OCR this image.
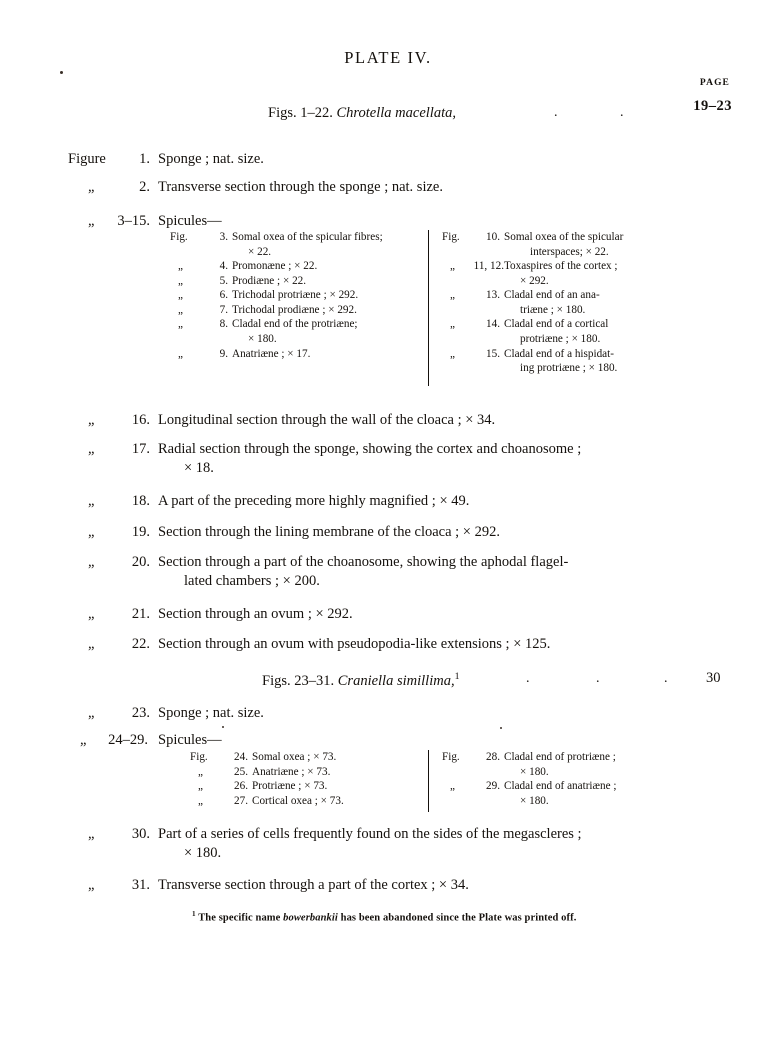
PLATE IV.
PAGE
19–23
Figs. 1–22. Chrotella macellata,	.	.
Figure	1. Sponge ; nat. size.
„	2. Transverse section through the sponge ; nat. size.
„	3–15. Spicules—
Fig.	3. Somal oxea of the spicular fibres;
× 22.
„	4. Promonæne ; × 22.
„	5. Prodiæne ; × 22.
„	6. Trichodal protriæne ; × 292.
„	7. Trichodal prodiæne ; × 292.
„	8. Cladal end of the protriæne;
× 180.
„	9. Anatriæne ; × 17.
Fig.	10. Somal oxea of the spicular
interspaces; × 22.
„	11, 12. Toxaspires of the cortex ;
× 292.
„	13. Cladal end of an ana-
triæne ; × 180.
„	14. Cladal end of a cortical
protriæne ; × 180.
„	15. Cladal end of a hispidat-
ing protriæne ; × 180.
„	16. Longitudinal section through the wall of the cloaca ; × 34.
„	17. Radial section through the sponge, showing the cortex and choanosome ;
× 18.
„	18. A part of the preceding more highly magnified ; × 49.
„	19. Section through the lining membrane of the cloaca ; × 292.
„	20. Section through a part of the choanosome, showing the aphodal flagel-
lated chambers ; × 200.
„	21. Section through an ovum ; × 292.
„	22. Section through an ovum with pseudopodia-like extensions ; × 125.
Figs. 23–31. Craniella simillima,$^1$	.	.	.	30
„	23. Sponge ; nat. size.
„	24–29. Spicules—
Fig.	24. Somal oxea ; × 73.
„	25. Anatriæne ; × 73.
„	26. Protriæne ; × 73.
„	27. Cortical oxea ; × 73.
Fig.	28. Cladal end of protriæne ;
× 180.
„	29. Cladal end of anatriæne ;
× 180.
„	30. Part of a series of cells frequently found on the sides of the megascleres ;
× 180.
„	31. Transverse section through a part of the cortex ; × 34.
$^1$ The specific name bowerbankii has been abandoned since the Plate was printed off.
